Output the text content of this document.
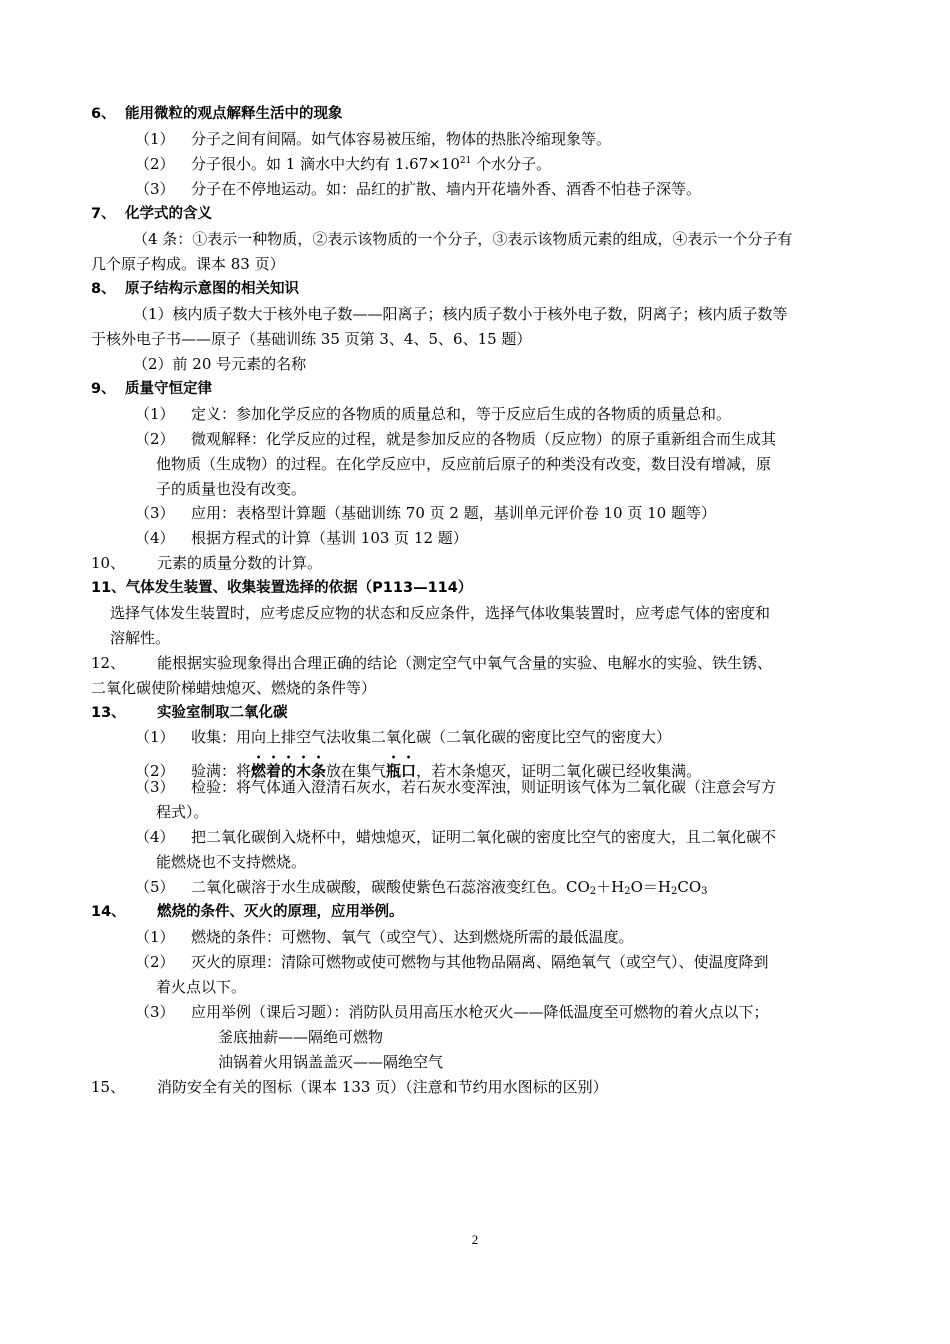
6、 能用微粒的观点解释生活中的现象
（1） 分子之间有间隔。如气体容易被压缩，物体的热胀冷缩现象等。
（2） 分子很小。如 1 滴水中大约有 $1.67\times 10^{21}$ 个水分子。
（3） 分子在不停地运动。如：品红的扩散、墙内开花墙外香、酒香不怕巷子深等。
7、 化学式的含义
（4 条：①表示一种物质，②表示该物质的一个分子，③表示该物质元素的组成，④表示一个分子有
几个原子构成。课本 83 页）
8、 原子结构示意图的相关知识
（1）核内质子数大于核外电子数——阳离子；核内质子数小于核外电子数，阴离子；核内质子数等
于核外电子书——原子（基础训练 35 页第 3、4、5、6、15 题）
（2）前 20 号元素的名称
9、 质量守恒定律
（1） 定义：参加化学反应的各物质的质量总和，等于反应后生成的各物质的质量总和。
（2） 微观解释：化学反应的过程，就是参加反应的各物质（反应物）的原子重新组合而生成其
他物质（生成物）的过程。在化学反应中，反应前后原子的种类没有改变，数目没有增减，原
子的质量也没有改变。
（3） 应用：表格型计算题（基础训练 70 页 2 题，基训单元评价卷 10 页 10 题等）
（4） 根据方程式的计算（基训 103 页 12 题）
10、 元素的质量分数的计算。
11、气体发生装置、收集装置选择的依据（P113—114）
选择气体发生装置时，应考虑反应物的状态和反应条件，选择气体收集装置时，应考虑气体的密度和
溶解性。
12、 能根据实验现象得出合理正确的结论（测定空气中氧气含量的实验、电解水的实验、铁生锈、
二氧化碳使阶梯蜡烛熄灭、燃烧的条件等）
13、 实验室制取二氧化碳
（1） 收集：用向上排空气法收集二氧化碳（二氧化碳的密度比空气的密度大）
（2） 验满：将燃着的木条放在集气瓶口，若木条熄灭，证明二氧化碳已经收集满。
（3） 检验：将气体通入澄清石灰水，若石灰水变浑浊，则证明该气体为二氧化碳（注意会写方
程式）。
（4） 把二氧化碳倒入烧杯中，蜡烛熄灭，证明二氧化碳的密度比空气的密度大，且二氧化碳不
能燃烧也不支持燃烧。
（5） 二氧化碳溶于水生成碳酸，碳酸使紫色石蕊溶液变红色。CO2＋H2O＝H2CO3
14、 燃烧的条件、灭火的原理，应用举例。
（1） 燃烧的条件：可燃物、氧气（或空气）、达到燃烧所需的最低温度。
（2） 灭火的原理：清除可燃物或使可燃物与其他物品隔离、隔绝氧气（或空气）、使温度降到
着火点以下。
（3） 应用举例（课后习题）：消防队员用高压水枪灭火——降低温度至可燃物的着火点以下；
釜底抽薪——隔绝可燃物
油锅着火用锅盖盖灭——隔绝空气
15、 消防安全有关的图标（课本 133 页）（注意和节约用水图标的区别）
2
